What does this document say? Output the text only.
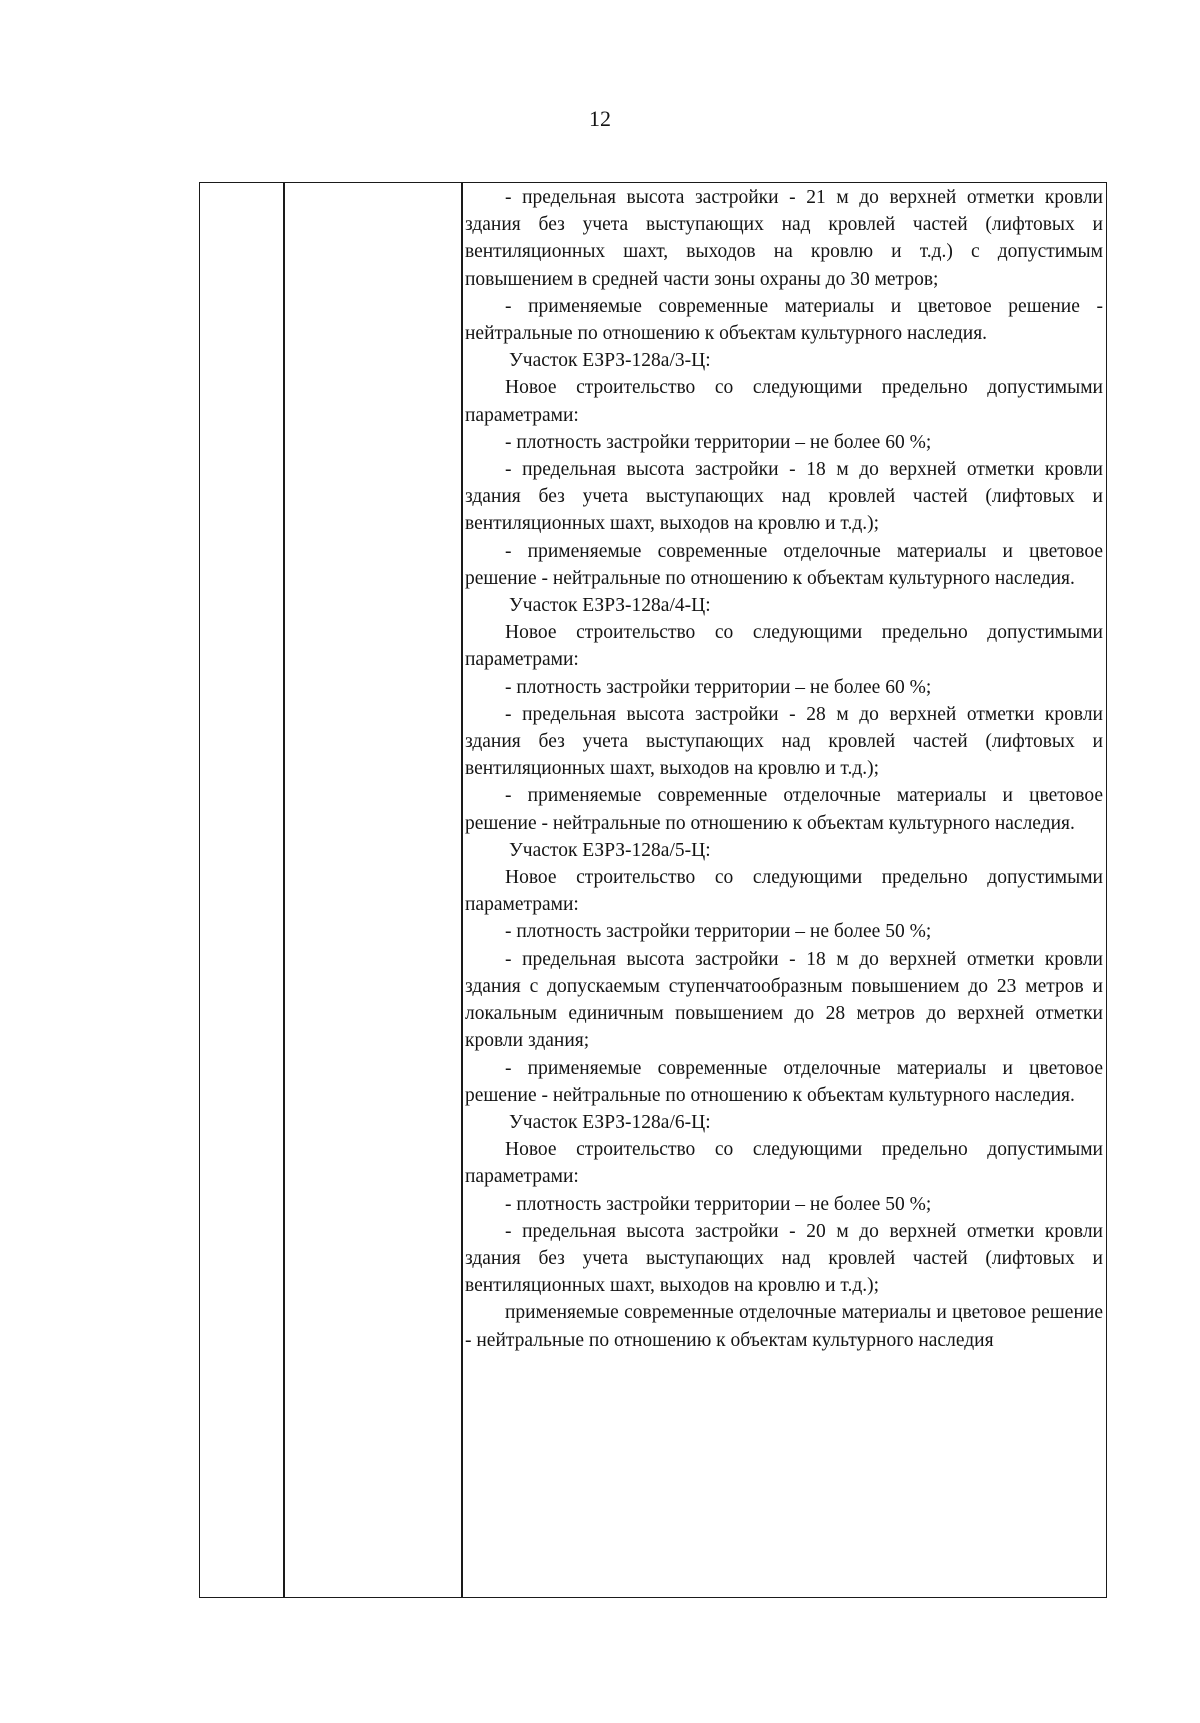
12

- предельная высота застройки - 21 м до верхней отметки кровли здания без учета выступающих над кровлей частей (лифтовых и вентиляционных шахт, выходов на кровлю и т.д.) с допустимым повышением в средней части зоны охраны до 30 метров;

- применяемые современные материалы и цветовое решение - нейтральные по отношению к объектам культурного наследия.

Участок ЕЗРЗ-128а/3-Ц:

Новое строительство со следующими предельно допустимыми параметрами:

- плотность застройки территории – не более 60 %;

- предельная высота застройки - 18 м до верхней отметки кровли здания без учета выступающих над кровлей частей (лифтовых и вентиляционных шахт, выходов на кровлю и т.д.);

- применяемые современные отделочные материалы и цветовое решение - нейтральные по отношению к объектам культурного наследия.

Участок ЕЗРЗ-128а/4-Ц:

Новое строительство со следующими предельно допустимыми параметрами:

- плотность застройки территории – не более 60 %;

- предельная высота застройки - 28 м до верхней отметки кровли здания без учета выступающих над кровлей частей (лифтовых и вентиляционных шахт, выходов на кровлю и т.д.);

- применяемые современные отделочные материалы и цветовое решение - нейтральные по отношению к объектам культурного наследия.

Участок ЕЗРЗ-128а/5-Ц:

Новое строительство со следующими предельно допустимыми параметрами:

- плотность застройки территории – не более 50 %;

- предельная высота застройки - 18 м до верхней отметки кровли здания с допускаемым ступенчатообразным повышением до 23 метров и локальным единичным повышением до 28 метров до верхней отметки кровли здания;

- применяемые современные отделочные материалы и цветовое решение - нейтральные по отношению к объектам культурного наследия.

Участок ЕЗРЗ-128а/6-Ц:

Новое строительство со следующими предельно допустимыми параметрами:

- плотность застройки территории – не более 50 %;

- предельная высота застройки - 20 м до верхней отметки кровли здания без учета выступающих над кровлей частей (лифтовых и вентиляционных шахт, выходов на кровлю и т.д.);

применяемые современные отделочные материалы и цветовое решение - нейтральные по отношению к объектам культурного наследия
